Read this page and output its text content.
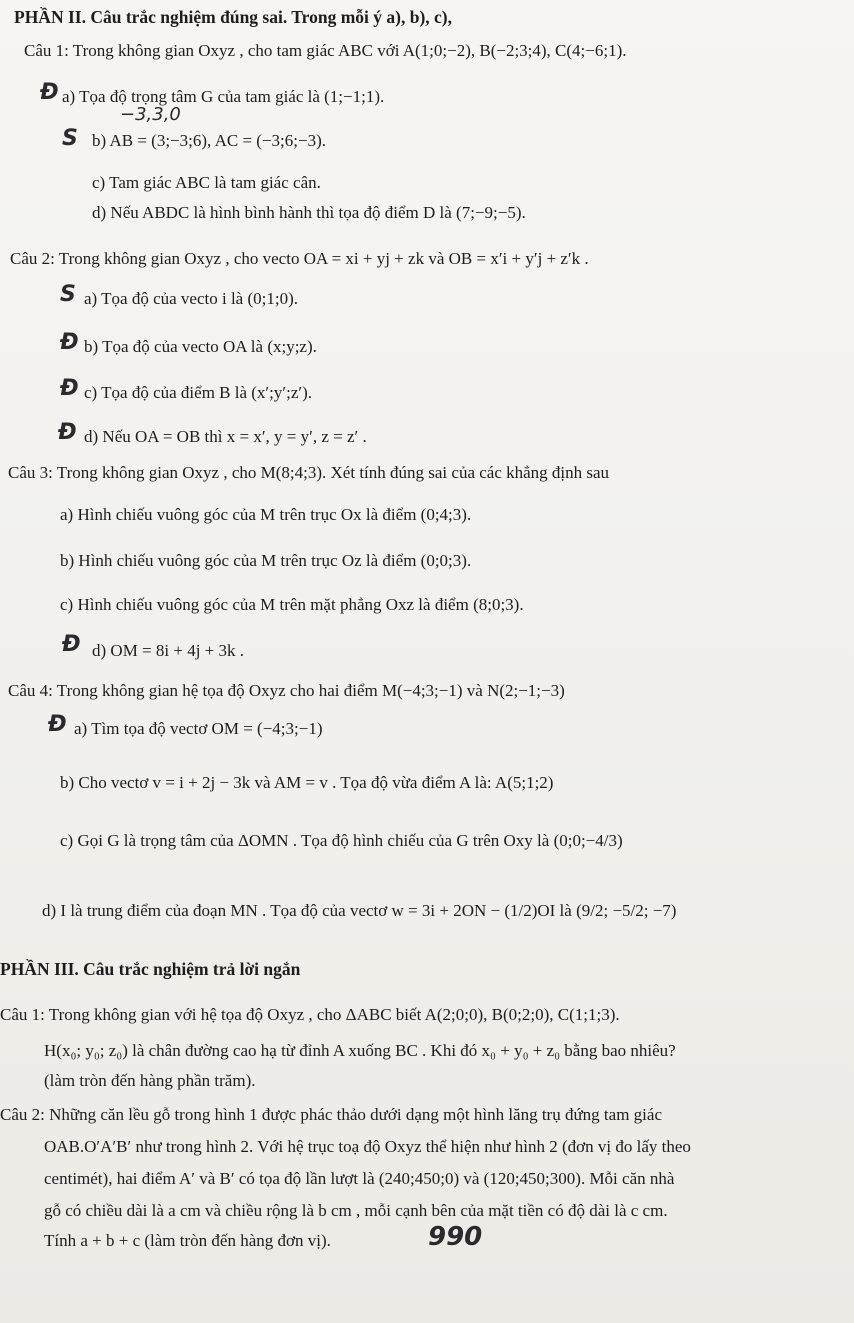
PHẦN II. Câu trắc nghiệm đúng sai. Trong mỗi ý a), b), c),
Câu 1: Trong không gian Oxyz , cho tam giác ABC với A(1;0;−2), B(−2;3;4), C(4;−6;1).
Đ a) Tọa độ trọng tâm G của tam giác là (1;−1;1).
−3,3,0
S b) AB = (3;−3;6), AC = (−3;6;−3).
c) Tam giác ABC là tam giác cân.
d) Nếu ABDC là hình bình hành thì tọa độ điểm D là (7;−9;−5).
Câu 2: Trong không gian Oxyz , cho vecto OA = xi + yj + zk và OB = x′i + y′j + z′k .
S a) Tọa độ của vecto i là (0;1;0).
Đ b) Tọa độ của vecto OA là (x;y;z).
Đ c) Tọa độ của điểm B là (x′;y′;z′).
Đ d) Nếu OA = OB thì x = x′, y = y′, z = z′ .
Câu 3: Trong không gian Oxyz , cho M(8;4;3). Xét tính đúng sai của các khẳng định sau
a) Hình chiếu vuông góc của M trên trục Ox là điểm (0;4;3).
b) Hình chiếu vuông góc của M trên trục Oz là điểm (0;0;3).
c) Hình chiếu vuông góc của M trên mặt phẳng Oxz là điểm (8;0;3).
Đ d) OM = 8i + 4j + 3k .
Câu 4: Trong không gian hệ tọa độ Oxyz cho hai điểm M(−4;3;−1) và N(2;−1;−3)
Đ a) Tìm tọa độ vectơ OM = (−4;3;−1)
b) Cho vectơ v = i + 2j − 3k và AM = v . Tọa độ vừa điểm A là: A(5;1;2)
c) Gọi G là trọng tâm của ΔOMN . Tọa độ hình chiếu của G trên Oxy là (0;0;−4/3)
d) I là trung điểm của đoạn MN . Tọa độ của vectơ w = 3i + 2ON − (1/2)OI là (9/2; −5/2; −7)
PHẦN III. Câu trắc nghiệm trả lời ngắn
Câu 1: Trong không gian với hệ tọa độ Oxyz , cho ΔABC biết A(2;0;0), B(0;2;0), C(1;1;3).
H(x₀; y₀; z₀) là chân đường cao hạ từ đỉnh A xuống BC . Khi đó x₀ + y₀ + z₀ bằng bao nhiêu?
(làm tròn đến hàng phần trăm).
Câu 2: Những căn lều gỗ trong hình 1 được phác thảo dưới dạng một hình lăng trụ đứng tam giác
OAB.O′A′B′ như trong hình 2. Với hệ trục toạ độ Oxyz thể hiện như hình 2 (đơn vị đo lấy theo
centimét), hai điểm A′ và B′ có tọa độ lần lượt là (240;450;0) và (120;450;300). Mỗi căn nhà
gỗ có chiều dài là a cm và chiều rộng là b cm , mỗi cạnh bên của mặt tiền có độ dài là c cm.
Tính a + b + c (làm tròn đến hàng đơn vị).	990
